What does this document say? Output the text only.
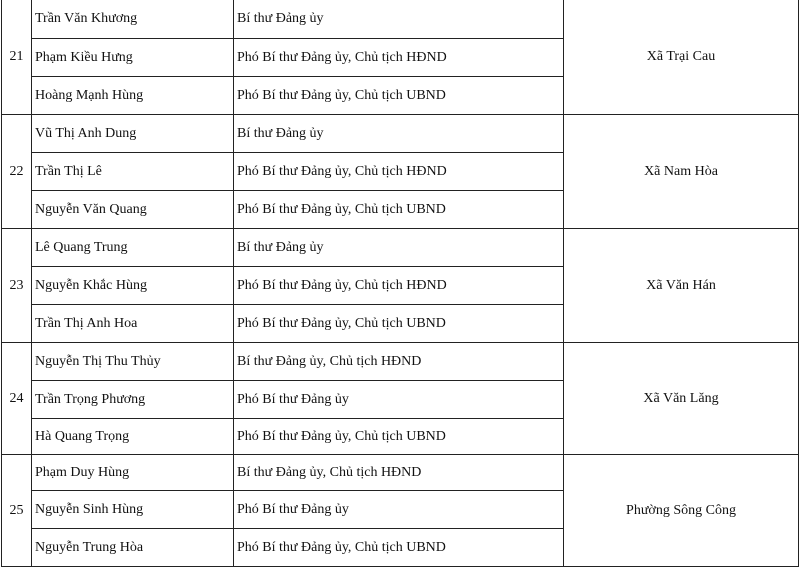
21	Trần Văn Khương	Bí thư Đảng ủy	Xã Trại Cau
	Phạm Kiều Hưng	Phó Bí thư Đảng ủy, Chủ tịch HĐND	
	Hoàng Mạnh Hùng	Phó Bí thư Đảng ủy, Chủ tịch UBND	
22	Vũ Thị Anh Dung	Bí thư Đảng ủy	Xã Nam Hòa
	Trần Thị Lê	Phó Bí thư Đảng ủy, Chủ tịch HĐND	
	Nguyễn Văn Quang	Phó Bí thư Đảng ủy, Chủ tịch UBND	
23	Lê Quang Trung	Bí thư Đảng ủy	Xã Văn Hán
	Nguyễn Khắc Hùng	Phó Bí thư Đảng ủy, Chủ tịch HĐND	
	Trần Thị Anh Hoa	Phó Bí thư Đảng ủy, Chủ tịch UBND	
24	Nguyễn Thị Thu Thủy	Bí thư Đảng ủy, Chủ tịch HĐND	Xã Văn Lăng
	Trần Trọng Phương	Phó Bí thư Đảng ủy	
	Hà Quang Trọng	Phó Bí thư Đảng ủy, Chủ tịch UBND	
25	Phạm Duy Hùng	Bí thư Đảng ủy, Chủ tịch HĐND	Phường Sông Công
	Nguyễn Sinh Hùng	Phó Bí thư Đảng ủy	
	Nguyễn Trung Hòa	Phó Bí thư Đảng ủy, Chủ tịch UBND	
